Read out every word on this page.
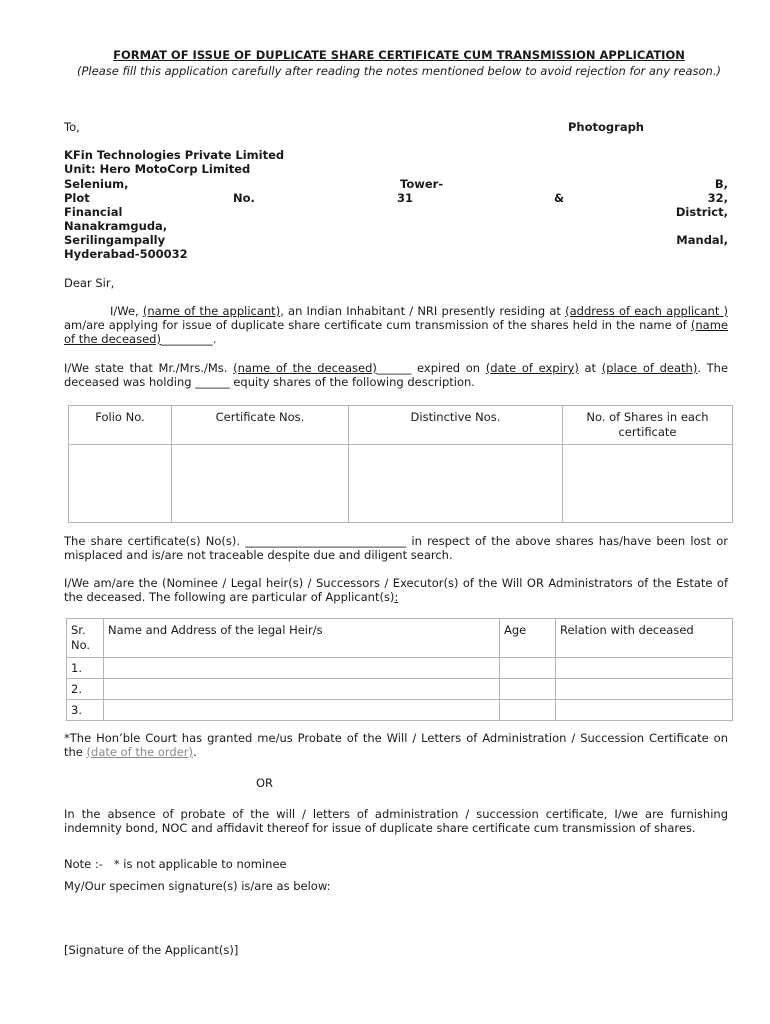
FORMAT OF ISSUE OF DUPLICATE SHARE CERTIFICATE CUM TRANSMISSION APPLICATION
(Please fill this application carefully after reading the notes mentioned below to avoid rejection for any reason.)
To,	Photograph
KFin Technologies Private Limited
Unit: Hero MotoCorp Limited
Selenium,	Tower-	B,
Plot	No.	31	&	32,
Financial	District,
Nanakramguda,
Serilingampally	Mandal,
Hyderabad-500032
Dear Sir,
I/We, (name of the applicant), an Indian Inhabitant / NRI presently residing at (address of each applicant ) am/are applying for issue of duplicate share certificate cum transmission of the shares held in the name of (name of the deceased)_________.
I/We state that Mr./Mrs./Ms. (name of the deceased)______ expired on (date of expiry) at (place of death). The deceased was holding ______ equity shares of the following description.
Folio No.	Certificate Nos.	Distinctive Nos.	No. of Shares in each certificate

The share certificate(s) No(s). ____________________________ in respect of the above shares has/have been lost or misplaced and is/are not traceable despite due and diligent search.
I/We am/are the (Nominee / Legal heir(s) / Successors / Executor(s) of the Will OR Administrators of the Estate of the deceased. The following are particular of Applicant(s):
Sr. No.	Name and Address of the legal Heir/s	Age	Relation with deceased
1.			
2.			
3.			
*The Hon’ble Court has granted me/us Probate of the Will / Letters of Administration / Succession Certificate on the (date of the order).
OR
In the absence of probate of the will / letters of administration / succession certificate, I/we are furnishing indemnity bond, NOC and affidavit thereof for issue of duplicate share certificate cum transmission of shares.
Note :- * is not applicable to nominee
My/Our specimen signature(s) is/are as below:
[Signature of the Applicant(s)]
